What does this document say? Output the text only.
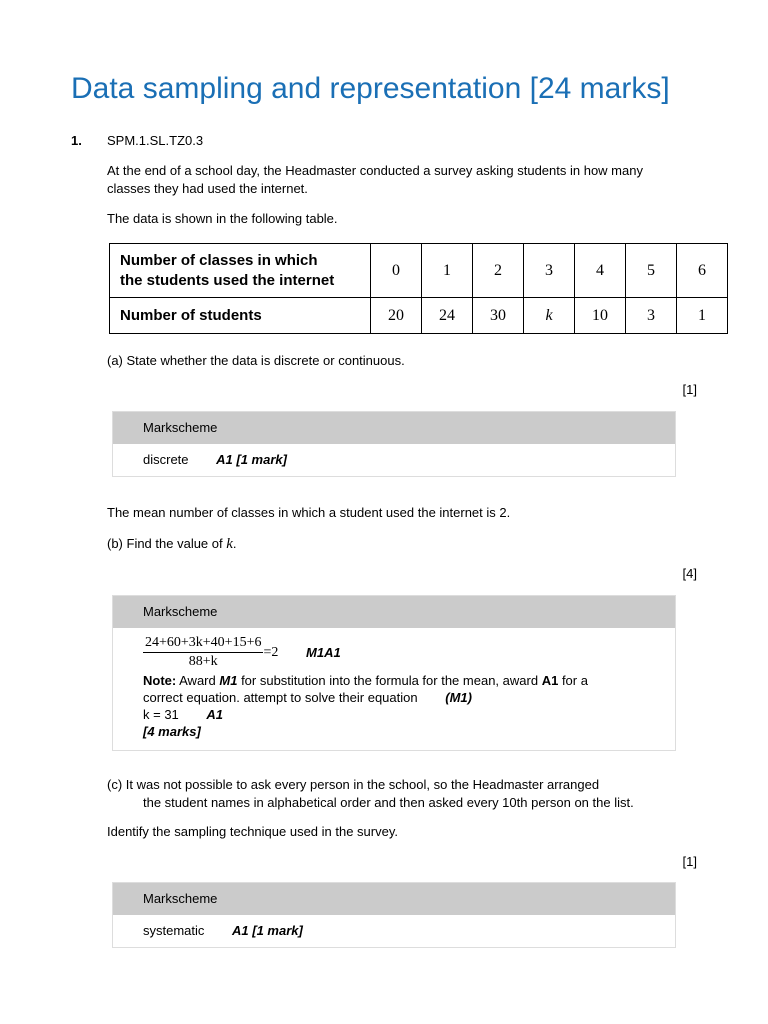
Data sampling and representation [24 marks]
1. SPM.1.SL.TZ0.3
At the end of a school day, the Headmaster conducted a survey asking students in how many classes they had used the internet.
The data is shown in the following table.
Number of classes in which
the students used the internet	0	1	2	3	4	5	6
Number of students	20	24	30	k	10	3	1
(a) State whether the data is discrete or continuous.
[1]
Markscheme
discrete A1 [1 mark]
The mean number of classes in which a student used the internet is 2.
(b) Find the value of k.
[4]
Markscheme
$\frac{24+60+3k+40+15+6}{88+k} =2$ M1A1
Note: Award M1 for substitution into the formula for the mean, award A1 for a
correct equation. attempt to solve their equation (M1)
k = 31 A1
[4 marks]
(c) It was not possible to ask every person in the school, so the Headmaster arranged
the student names in alphabetical order and then asked every 10th person on the list.
Identify the sampling technique used in the survey.
[1]
Markscheme
systematic A1 [1 mark]
